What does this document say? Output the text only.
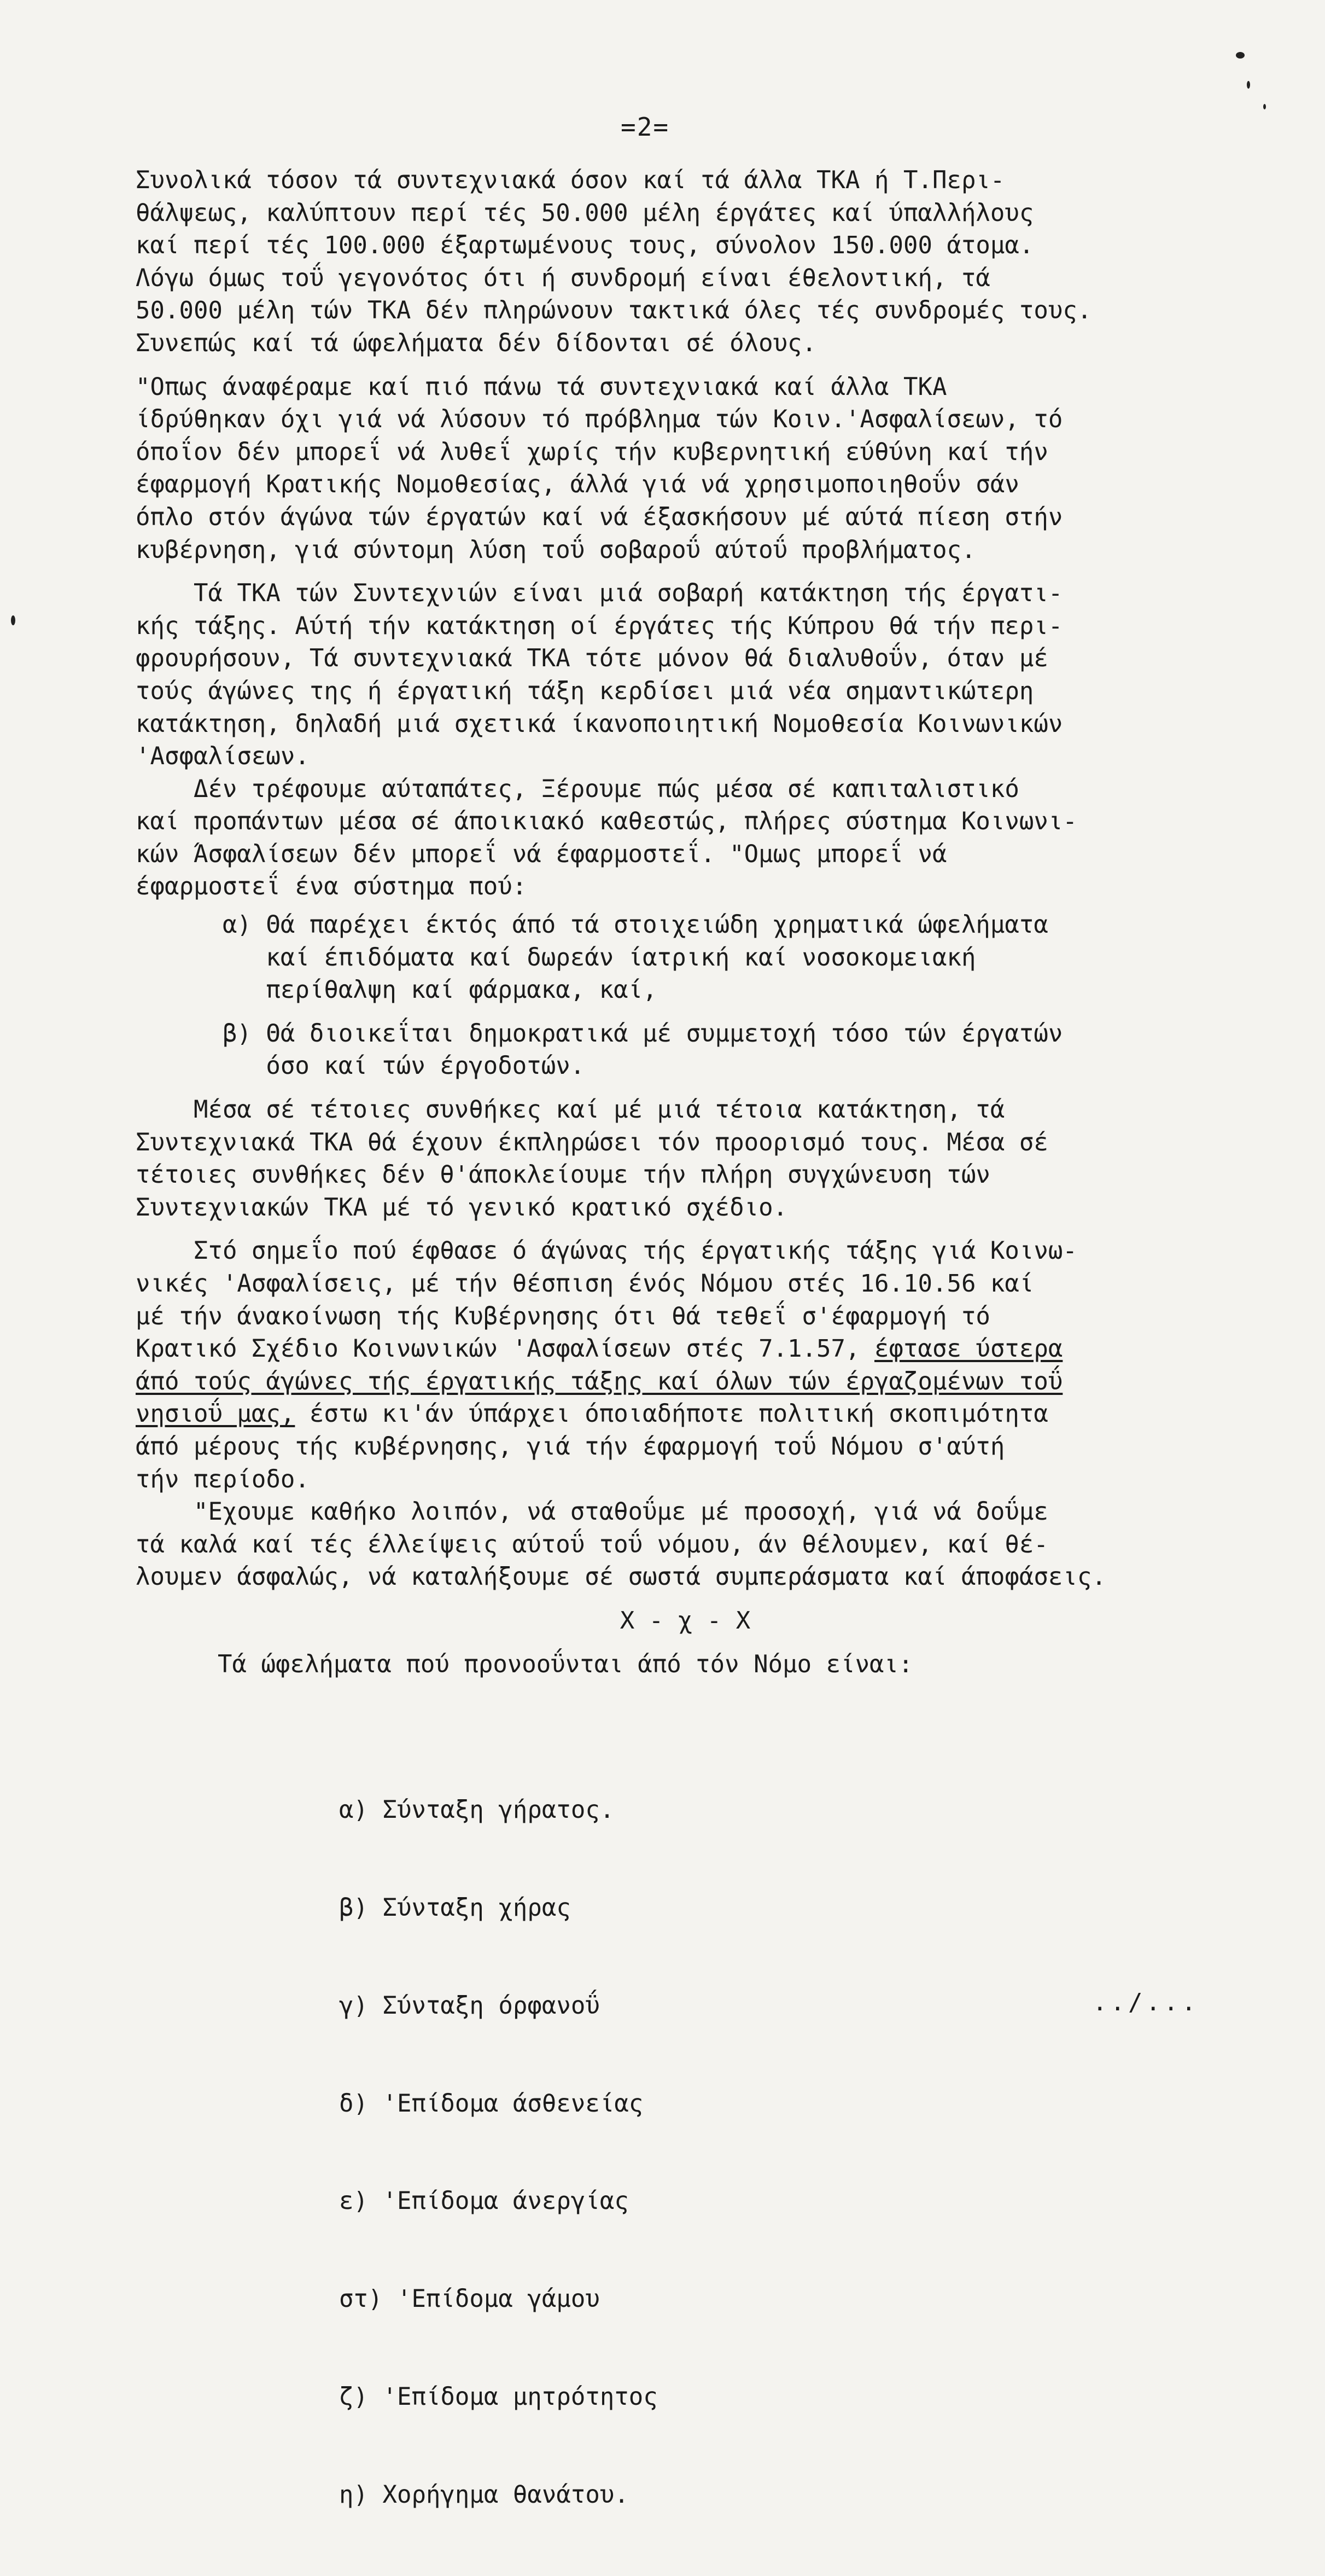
=2=

Συνολικά τόσον τά συντεχνιακά όσον καί τά άλλα ΤΚΑ ή Τ.Περι-

θάλψεως, καλύπτουν περί τές 50.000 μέλη έργάτες καί ύπαλλήλους

καί περί τές 100.000 έξαρτωμένους τους, σύνολον 150.000 άτομα.

Λόγω όμως τοΰ γεγονότος ότι ή συνδρομή είναι έθελοντική, τά

50.000 μέλη τών ΤΚΑ δέν πληρώνουν τακτικά όλες τές συνδρομές τους.

Συνεπώς καί τά ώφελήματα δέν δίδονται σέ όλους.

"Οπως άναφέραμε καί πιό πάνω τά συντεχνιακά καί άλλα ΤΚΑ

ίδρύθηκαν όχι γιά νά λύσουν τό πρόβλημα τών Κοιν.'Ασφαλίσεων, τό

όποΐον δέν μπορεΐ νά λυθεΐ χωρίς τήν κυβερνητική εύθύνη καί τήν

έφαρμογή Κρατικής Νομοθεσίας, άλλά γιά νά χρησιμοποιηθοΰν σάν

όπλο στόν άγώνα τών έργατών καί νά έξασκήσουν μέ αύτά πίεση στήν

κυβέρνηση, γιά σύντομη λύση τοΰ σοβαροΰ αύτοΰ προβλήματος.

Τά ΤΚΑ τών Συντεχνιών είναι μιά σοβαρή κατάκτηση τής έργατι-

κής τάξης. Αύτή τήν κατάκτηση οί έργάτες τής Κύπρου θά τήν περι-

φρουρήσουν, Τά συντεχνιακά ΤΚΑ τότε μόνον θά διαλυθοΰν, όταν μέ

τούς άγώνες της ή έργατική τάξη κερδίσει μιά νέα σημαντικώτερη

κατάκτηση, δηλαδή μιά σχετικά ίκανοποιητική Νομοθεσία Κοινωνικών

'Ασφαλίσεων.

Δέν τρέφουμε αύταπάτες, Ξέρουμε πώς μέσα σέ καπιταλιστικό

καί προπάντων μέσα σέ άποικιακό καθεστώς, πλήρες σύστημα Κοινωνι-

κών Άσφαλίσεων δέν μπορεΐ νά έφαρμοστεΐ. "Ομως μπορεΐ νά

έφαρμοστεΐ ένα σύστημα πού:

α) Θά παρέχει έκτός άπό τά στοιχειώδη χρηματικά ώφελήματα

καί έπιδόματα καί δωρεάν ίατρική καί νοσοκομειακή

περίθαλψη καί φάρμακα, καί,

β) Θά διοικεΐται δημοκρατικά μέ συμμετοχή τόσο τών έργατών

όσο καί τών έργοδοτών.

Μέσα σέ τέτοιες συνθήκες καί μέ μιά τέτοια κατάκτηση, τά

Συντεχνιακά ΤΚΑ θά έχουν έκπληρώσει τόν προορισμό τους. Μέσα σέ

τέτοιες συνθήκες δέν θ'άποκλείουμε τήν πλήρη συγχώνευση τών

Συντεχνιακών ΤΚΑ μέ τό γενικό κρατικό σχέδιο.

Στό σημεΐο πού έφθασε ό άγώνας τής έργατικής τάξης γιά Κοινω-

νικές 'Ασφαλίσεις, μέ τήν θέσπιση ένός Νόμου στές 16.10.56 καί

μέ τήν άνακοίνωση τής Κυβέρνησης ότι θά τεθεΐ σ'έφαρμογή τό

Κρατικό Σχέδιο Κοινωνικών 'Ασφαλίσεων στές 7.1.57, έφτασε ύστερα

άπό τούς άγώνες τής έργατικής τάξης καί όλων τών έργαζομένων τοΰ

νησιοΰ μας, έστω κι'άν ύπάρχει όποιαδήποτε πολιτική σκοπιμότητα

άπό μέρους τής κυβέρνησης, γιά τήν έφαρμογή τοΰ Νόμου σ'αύτή

τήν περίοδο.

"Εχουμε καθήκο λοιπόν, νά σταθοΰμε μέ προσοχή, γιά νά δοΰμε

τά καλά καί τές έλλείψεις αύτοΰ τοΰ νόμου, άν θέλουμεν, καί θέ-

λουμεν άσφαλώς, νά καταλήξουμε σέ σωστά συμπεράσματα καί άποφάσεις.

X - χ - X

Τά ώφελήματα πού προνοοΰνται άπό τόν Νόμο είναι:

α) Σύνταξη γήρατος.

β) Σύνταξη χήρας

γ) Σύνταξη όρφανοΰ

δ) 'Επίδομα άσθενείας

ε) 'Επίδομα άνεργίας

στ) 'Επίδομα γάμου

ζ) 'Επίδομα μητρότητος

η) Χορήγημα θανάτου.

../...
